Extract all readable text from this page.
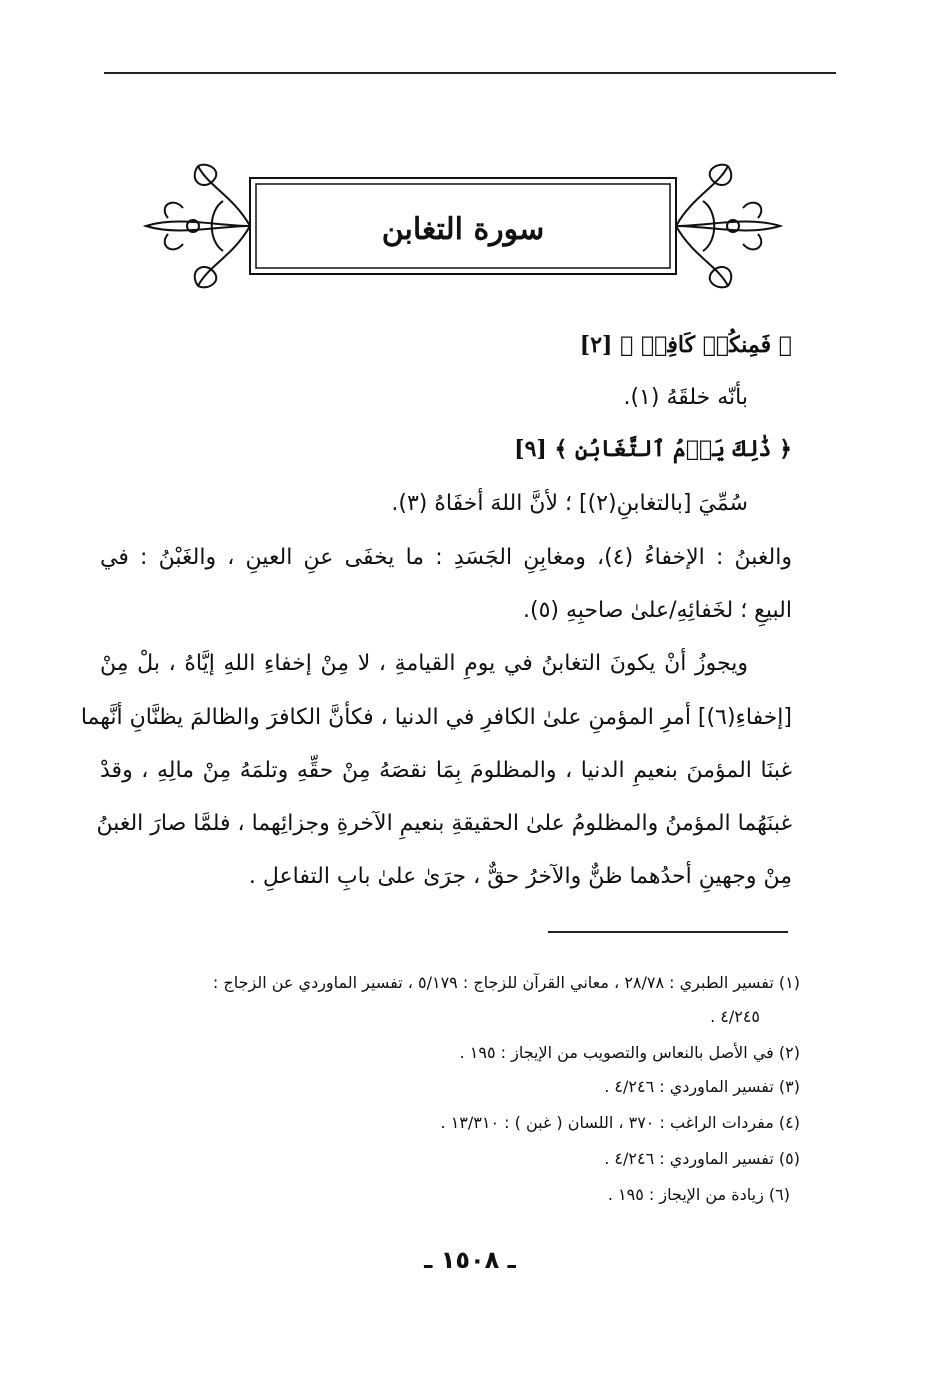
سورة التغابن
﴿ فَمِنكُمۡ كَافِرٞ ﴾ [٢]
بأنّه خلقَهُ (١).
﴿ ذَٰلِكَ يَوۡمُ ٱلتَّغَابُنِ ﴾ [٩]
سُمِّيَ [بالتغابنِ(٢)] ؛ لأنَّ اللهَ أخفَاهُ (٣).
والغبنُ : الإخفاءُ (٤)، ومغابِنِ الجَسَدِ : ما يخفَى عنِ العينِ ، والغَبْنُ : في
البيعِ ؛ لخَفائِهِ/علىٰ صاحبِهِ (٥).
ويجوزُ أنْ يكونَ التغابنُ في يومِ القيامةِ ، لا مِنْ إخفاءِ اللهِ إيَّاهُ ، بلْ مِنْ
[إخفاءِ(٦)] أمرِ المؤمنِ علىٰ الكافرِ في الدنيا ، فكأنَّ الكافرَ والظالمَ يظنَّانِ أنَّهما
غبنَا المؤمنَ بنعيمِ الدنيا ، والمظلومَ بِمَا نقصَهُ مِنْ حقِّهِ وتلمَهُ مِنْ مالِهِ ، وقدْ
غبنَهُما المؤمنُ والمظلومُ علىٰ الحقيقةِ بنعيمِ الآخرةِ وجزائِهما ، فلمَّا صارَ الغبنُ
مِنْ وجهينِ أحدُهما ظنٌّ والآخرُ حقٌّ ، جرَىٰ علىٰ بابِ التفاعلِ .
(١) تفسير الطبري : ٢٨/٧٨ ، معاني القرآن للزجاج : ٥/١٧٩ ، تفسير الماوردي عن الزجاج :
٤/٢٤٥ .
(٢) في الأصل بالنعاس والتصويب من الإيجاز : ١٩٥ .
(٣) تفسير الماوردي : ٤/٢٤٦ .
(٤) مفردات الراغب : ٣٧٠ ، اللسان ( غبن ) : ١٣/٣١٠ .
(٥) تفسير الماوردي : ٤/٢٤٦ .
(٦) زيادة من الإيجاز : ١٩٥ .
ـ ١٥٠٨ ـ
